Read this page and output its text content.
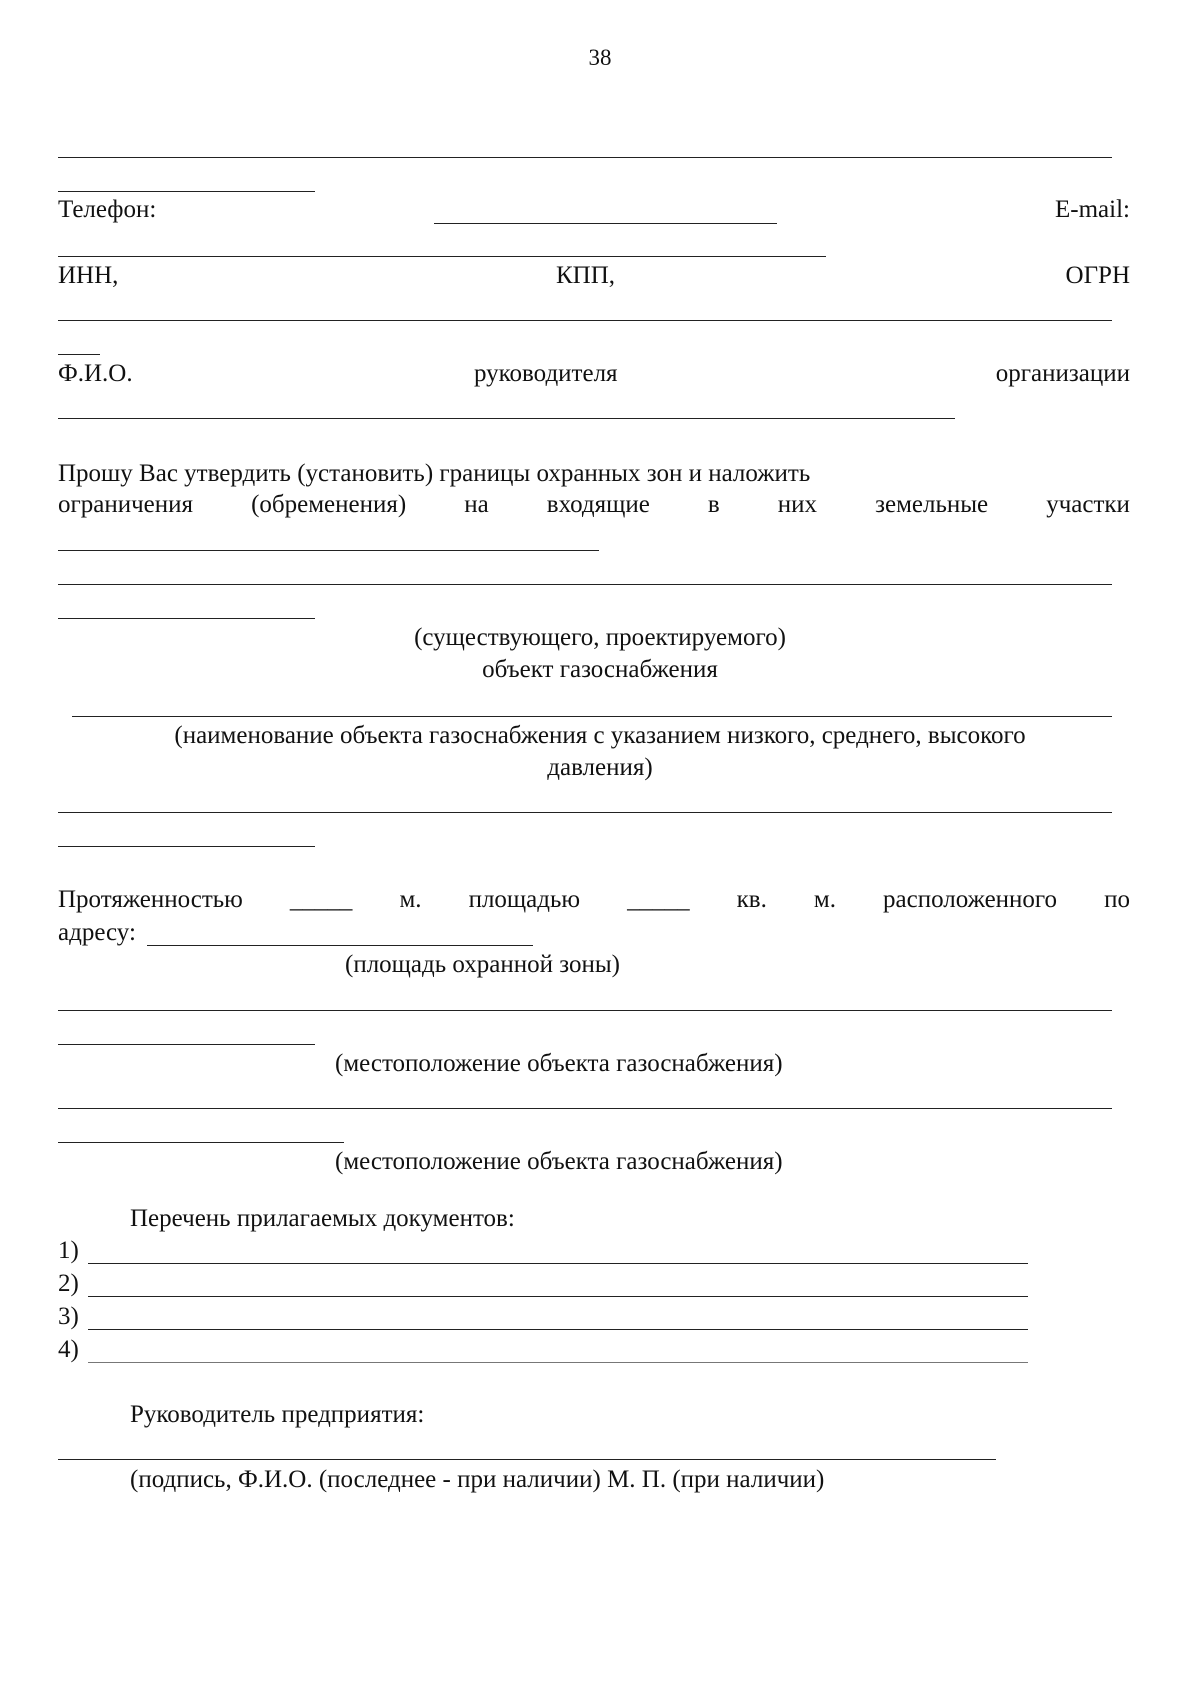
38
Телефон:	E-mail:
ИНН,	КПП,	ОГРН
Ф.И.О.	руководителя	организации
Прошу Вас утвердить (установить) границы охранных зон и наложить
ограничения (обременения) на входящие в них земельные участки
(существующего, проектируемого)
объект газоснабжения
(наименование объекта газоснабжения с указанием низкого, среднего, высокого
давления)
Протяженностью _____ м. площадью _____ кв. м. расположенного по
адресу:
(площадь охранной зоны)
(местоположение объекта газоснабжения)
(местоположение объекта газоснабжения)
Перечень прилагаемых документов:
1)
2)
3)
4)
Руководитель предприятия:
(подпись, Ф.И.О. (последнее - при наличии) М. П. (при наличии)
